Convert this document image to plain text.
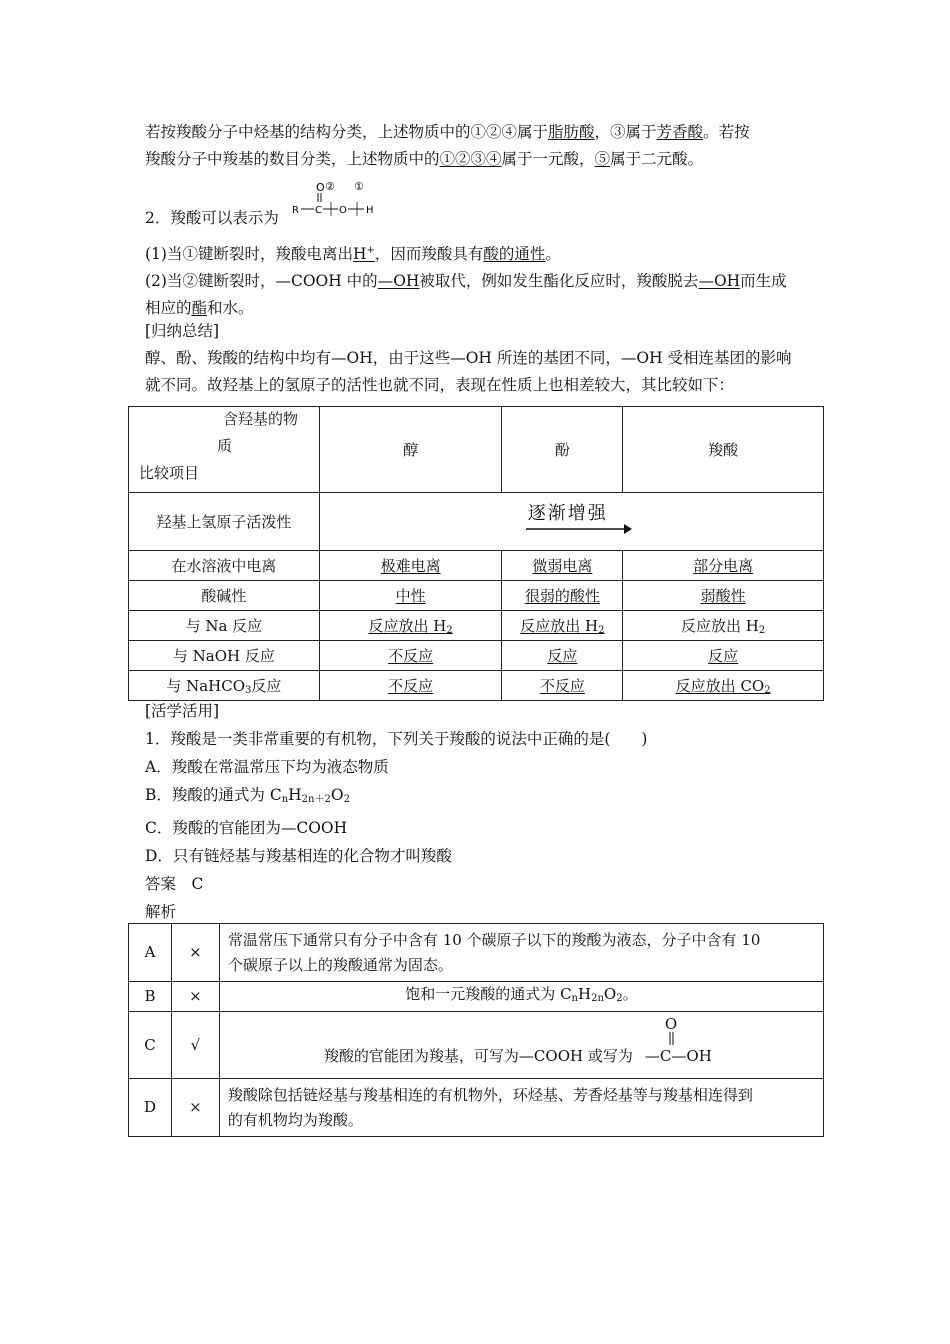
若按羧酸分子中烃基的结构分类，上述物质中的①②④属于脂肪酸，③属于芳香酸。若按
羧酸分子中羧基的数目分类，上述物质中的①②③④属于一元酸，⑤属于二元酸。

2．羧酸可以表示为

O ② ①
R C O H

(1)当①键断裂时，羧酸电离出H+，因而羧酸具有酸的通性。
(2)当②键断裂时，—COOH 中的—OH被取代，例如发生酯化反应时，羧酸脱去—OH而生成
相应的酯和水。

[归纳总结]
醇、酚、羧酸的结构中均有—OH，由于这些—OH 所连的基团不同，—OH 受相连基团的影响
就不同。故羟基上的氢原子的活性也就不同，表现在性质上也相差较大，其比较如下：

含羟基的物
质
比较项目	醇	酚	羧酸
羟基上氢原子活泼性	逐渐增强		

在水溶液中电离	极难电离	微弱电离	部分电离
酸碱性	中性	很弱的酸性	弱酸性
与 Na 反应	反应放出 $H_2$	反应放出 $H_2$	反应放出 $H_2$
与 NaOH 反应	不反应	反应	反应
与 NaHCO$_3$反应	不反应	不反应	反应放出 $CO_2$

[活学活用]
1．羧酸是一类非常重要的有机物，下列关于羧酸的说法中正确的是(　　)
A．羧酸在常温常压下均为液态物质
B．羧酸的通式为 $C_nH_{2n+2}O_2$
C．羧酸的官能团为—COOH
D．只有链烃基与羧基相连的化合物才叫羧酸
答案　C
解析

A	×	常温常压下通常只有分子中含有 10 个碳原子以下的羧酸为液态，分子中含有 10
个碳原子以上的羧酸通常为固态。
B	×	饱和一元羧酸的通式为 $C_nH_{2n}O_2$。
C	√	羧酸的官能团为羧基，可写为—COOH 或写为
O
—C—OH

D	×	羧酸除包括链烃基与羧基相连的有机物外，环烃基、芳香烃基等与羧基相连得到
的有机物均为羧酸。
